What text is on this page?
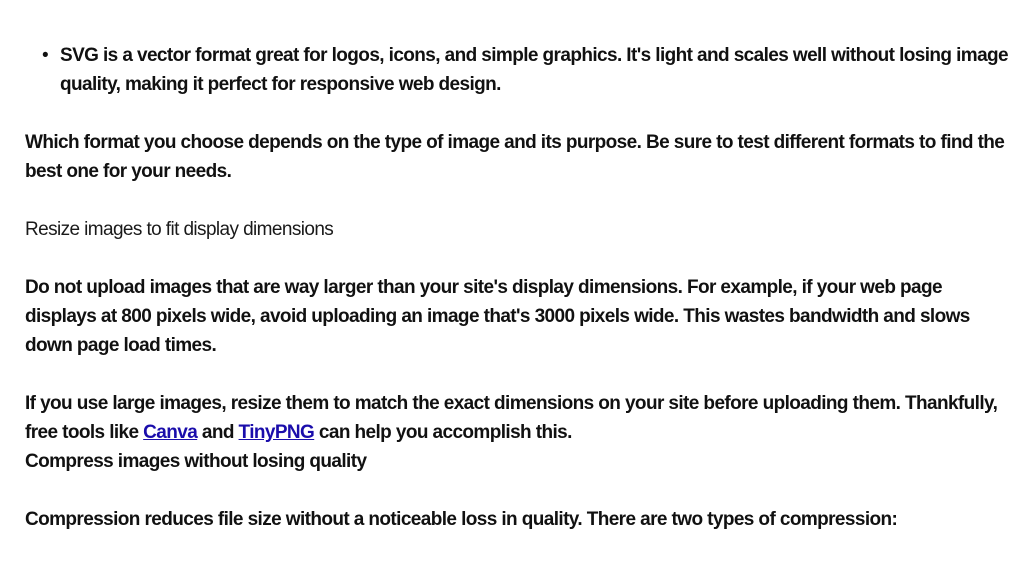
• SVG is a vector format great for logos, icons, and simple graphics. It's light and scales well without losing image quality, making it perfect for responsive web design.

Which format you choose depends on the type of image and its purpose. Be sure to test different formats to find the best one for your needs.

Resize images to fit display dimensions

Do not upload images that are way larger than your site's display dimensions. For example, if your web page displays at 800 pixels wide, avoid uploading an image that's 3000 pixels wide. This wastes bandwidth and slows down page load times.

If you use large images, resize them to match the exact dimensions on your site before uploading them. Thankfully, free tools like Canva and TinyPNG can help you accomplish this.

Compress images without losing quality

Compression reduces file size without a noticeable loss in quality. There are two types of compression:
